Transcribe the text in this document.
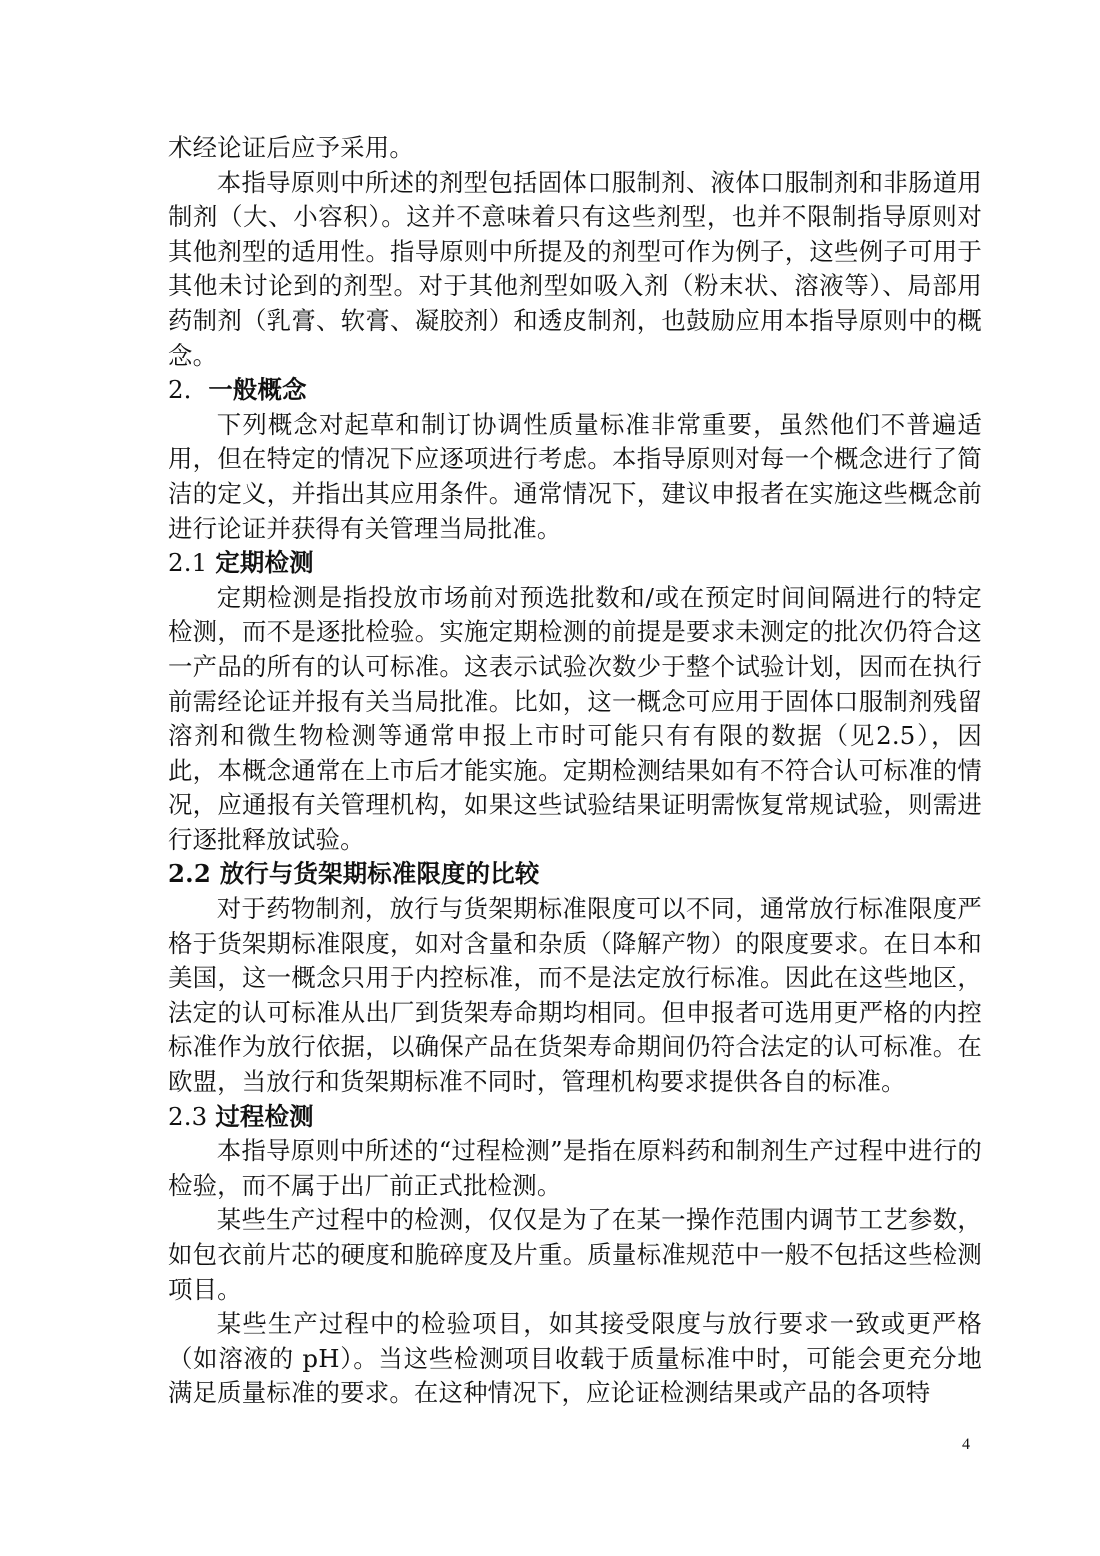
术经论证后应予采用。

本指导原则中所述的剂型包括固体口服制剂、液体口服制剂和非肠道用制剂（大、小容积）。这并不意味着只有这些剂型，也并不限制指导原则对其他剂型的适用性。指导原则中所提及的剂型可作为例子，这些例子可用于其他未讨论到的剂型。对于其他剂型如吸入剂（粉末状、溶液等）、局部用药制剂（乳膏、软膏、凝胶剂）和透皮制剂，也鼓励应用本指导原则中的概念。

2．一般概念

下列概念对起草和制订协调性质量标准非常重要，虽然他们不普遍适用，但在特定的情况下应逐项进行考虑。本指导原则对每一个概念进行了简洁的定义，并指出其应用条件。通常情况下，建议申报者在实施这些概念前进行论证并获得有关管理当局批准。

2.1 定期检测

定期检测是指投放市场前对预选批数和/或在预定时间间隔进行的特定检测，而不是逐批检验。实施定期检测的前提是要求未测定的批次仍符合这一产品的所有的认可标准。这表示试验次数少于整个试验计划，因而在执行前需经论证并报有关当局批准。比如，这一概念可应用于固体口服制剂残留溶剂和微生物检测等通常申报上市时可能只有有限的数据（见2.5），因此，本概念通常在上市后才能实施。定期检测结果如有不符合认可标准的情况，应通报有关管理机构，如果这些试验结果证明需恢复常规试验，则需进行逐批释放试验。

2.2 放行与货架期标准限度的比较

对于药物制剂，放行与货架期标准限度可以不同，通常放行标准限度严格于货架期标准限度，如对含量和杂质（降解产物）的限度要求。在日本和美国，这一概念只用于内控标准，而不是法定放行标准。因此在这些地区，法定的认可标准从出厂到货架寿命期均相同。但申报者可选用更严格的内控标准作为放行依据，以确保产品在货架寿命期间仍符合法定的认可标准。在欧盟，当放行和货架期标准不同时，管理机构要求提供各自的标准。

2.3 过程检测

本指导原则中所述的“过程检测”是指在原料药和制剂生产过程中进行的检验，而不属于出厂前正式批检测。

某些生产过程中的检测，仅仅是为了在某一操作范围内调节工艺参数，如包衣前片芯的硬度和脆碎度及片重。质量标准规范中一般不包括这些检测项目。

某些生产过程中的检验项目，如其接受限度与放行要求一致或更严格（如溶液的 pH）。当这些检测项目收载于质量标准中时，可能会更充分地满足质量标准的要求。在这种情况下，应论证检测结果或产品的各项特

4
